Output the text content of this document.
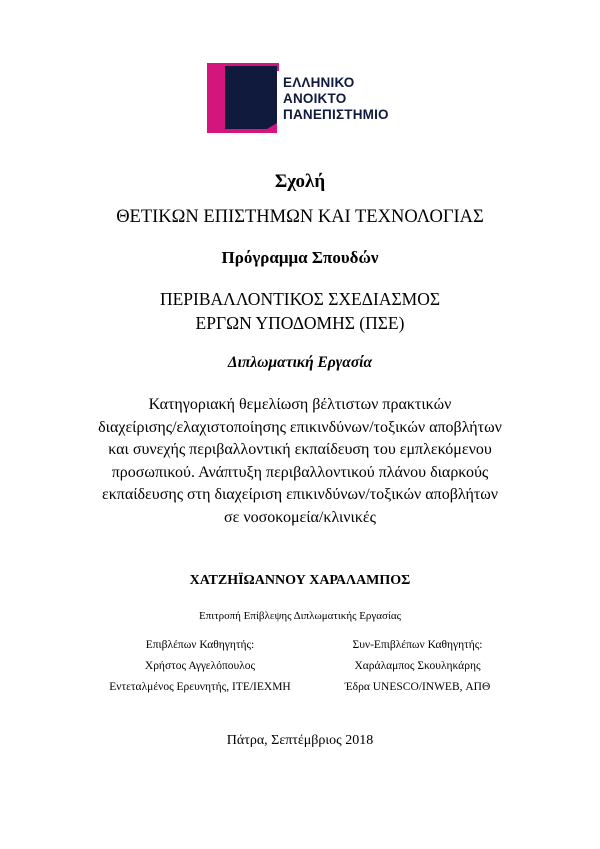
ΕΛΛΗΝΙΚΟ
ΑΝΟΙΚΤΟ
ΠΑΝΕΠΙΣΤΗΜΙΟ
Σχολή
ΘΕΤΙΚΩΝ ΕΠΙΣΤΗΜΩΝ ΚΑΙ ΤΕΧΝΟΛΟΓΙΑΣ
Πρόγραμμα Σπουδών
ΠΕΡΙΒΑΛΛΟΝΤΙΚΟΣ ΣΧΕΔΙΑΣΜΟΣ
ΕΡΓΩΝ ΥΠΟΔΟΜΗΣ (ΠΣΕ)
Διπλωματική Εργασία
Κατηγοριακή θεμελίωση βέλτιστων πρακτικών
διαχείρισης/ελαχιστοποίησης επικινδύνων/τοξικών αποβλήτων
και συνεχής περιβαλλοντική εκπαίδευση του εμπλεκόμενου
προσωπικού. Ανάπτυξη περιβαλλοντικού πλάνου διαρκούς
εκπαίδευσης στη διαχείριση επικινδύνων/τοξικών αποβλήτων
σε νοσοκομεία/κλινικές
ΧΑΤΖΗΪΩΑΝΝΟΥ ΧΑΡΑΛΑΜΠΟΣ
Επιτροπή Επίβλεψης Διπλωματικής Εργασίας
Επιβλέπων Καθηγητής:
Χρήστος Αγγελόπουλος
Εντεταλμένος Ερευνητής, ΙΤΕ/ΙΕΧΜΗ
Συν-Επιβλέπων Καθηγητής:
Χαράλαμπος Σκουληκάρης
Έδρα UNESCO/INWEB, ΑΠΘ
Πάτρα, Σεπτέμβριος 2018
